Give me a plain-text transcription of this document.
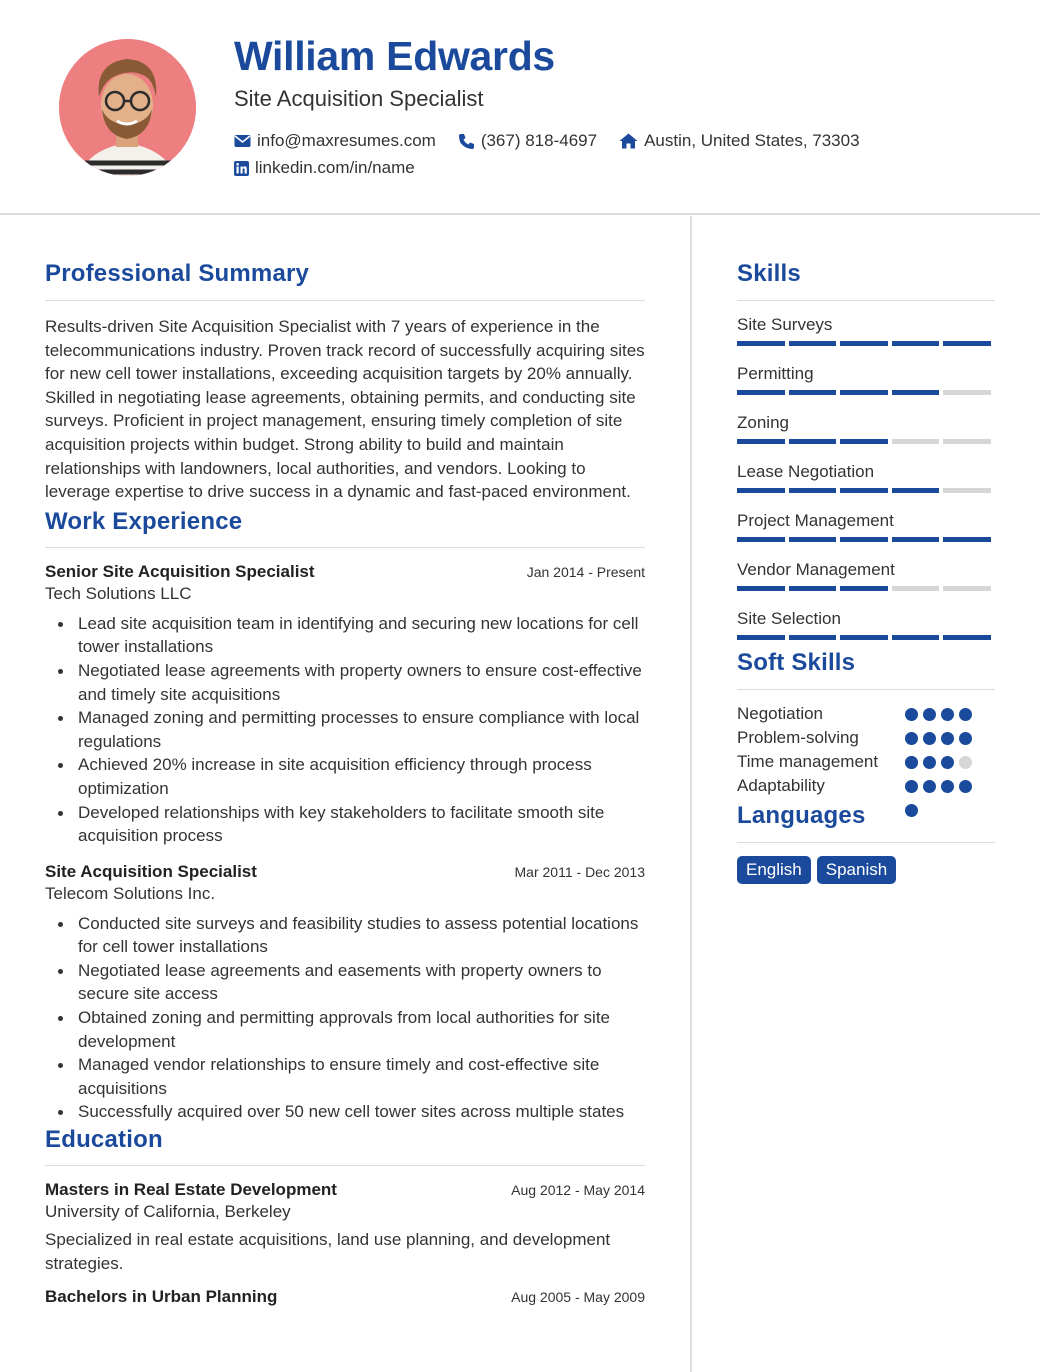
William Edwards
Site Acquisition Specialist
info@maxresumes.com	(367) 818-4697	Austin, United States, 73303
linkedin.com/in/name
Professional Summary
Results-driven Site Acquisition Specialist with 7 years of experience in the telecommunications industry. Proven track record of successfully acquiring sites for new cell tower installations, exceeding acquisition targets by 20% annually. Skilled in negotiating lease agreements, obtaining permits, and conducting site surveys. Proficient in project management, ensuring timely completion of site acquisition projects within budget. Strong ability to build and maintain relationships with landowners, local authorities, and vendors. Looking to leverage expertise to drive success in a dynamic and fast-paced environment.
Work Experience
Senior Site Acquisition Specialist	Jan 2014 - Present
Tech Solutions LLC
Lead site acquisition team in identifying and securing new locations for cell tower installations
Negotiated lease agreements with property owners to ensure cost-effective and timely site acquisitions
Managed zoning and permitting processes to ensure compliance with local regulations
Achieved 20% increase in site acquisition efficiency through process optimization
Developed relationships with key stakeholders to facilitate smooth site acquisition process
Site Acquisition Specialist	Mar 2011 - Dec 2013
Telecom Solutions Inc.
Conducted site surveys and feasibility studies to assess potential locations for cell tower installations
Negotiated lease agreements and easements with property owners to secure site access
Obtained zoning and permitting approvals from local authorities for site development
Managed vendor relationships to ensure timely and cost-effective site acquisitions
Successfully acquired over 50 new cell tower sites across multiple states
Education
Masters in Real Estate Development	Aug 2012 - May 2014
University of California, Berkeley
Specialized in real estate acquisitions, land use planning, and development strategies.
Bachelors in Urban Planning	Aug 2005 - May 2009
Skills
Site Surveys
Permitting
Zoning
Lease Negotiation
Project Management
Vendor Management
Site Selection
Soft Skills
Negotiation
Problem-solving
Time management
Adaptability
Languages
English	Spanish
